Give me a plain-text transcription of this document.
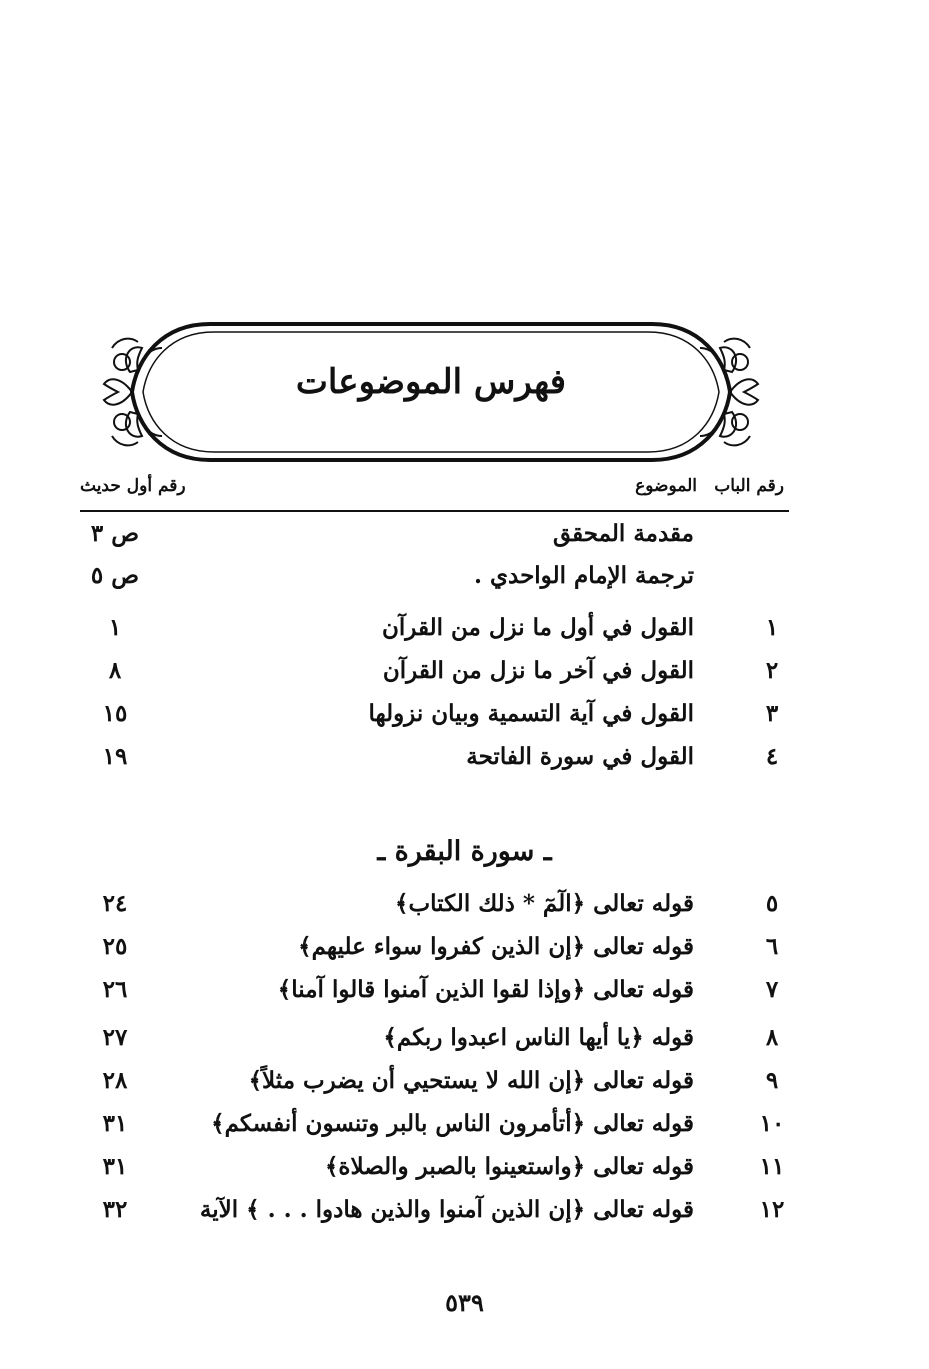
فهرس الموضوعات
رقم الباب
الموضوع
رقم أول حديث
مقدمة المحقق
ص ٣
ترجمة الإمام الواحدي .
ص ٥
١
القول في أول ما نزل من القرآن
١
٢
القول في آخر ما نزل من القرآن
٨
٣
القول في آية التسمية وبيان نزولها
١٥
٤
القول في سورة الفاتحة
١٩
ـ سورة البقرة ـ
٥
قوله تعالى ﴿الٓمٓ * ذلك الكتاب﴾
٢٤
٦
قوله تعالى ﴿إن الذين كفروا سواء عليهم﴾
٢٥
٧
قوله تعالى ﴿وإذا لقوا الذين آمنوا قالوا آمنا﴾
٢٦
٨
قوله ﴿يا أيها الناس اعبدوا ربكم﴾
٢٧
٩
قوله تعالى ﴿إن الله لا يستحيي أن يضرب مثلاً﴾
٢٨
١٠
قوله تعالى ﴿أتأمرون الناس بالبر وتنسون أنفسكم﴾
٣١
١١
قوله تعالى ﴿واستعينوا بالصبر والصلاة﴾
٣١
١٢
قوله تعالى ﴿إن الذين آمنوا والذين هادوا . . . ﴾ الآية
٣٢
٥٣٩
